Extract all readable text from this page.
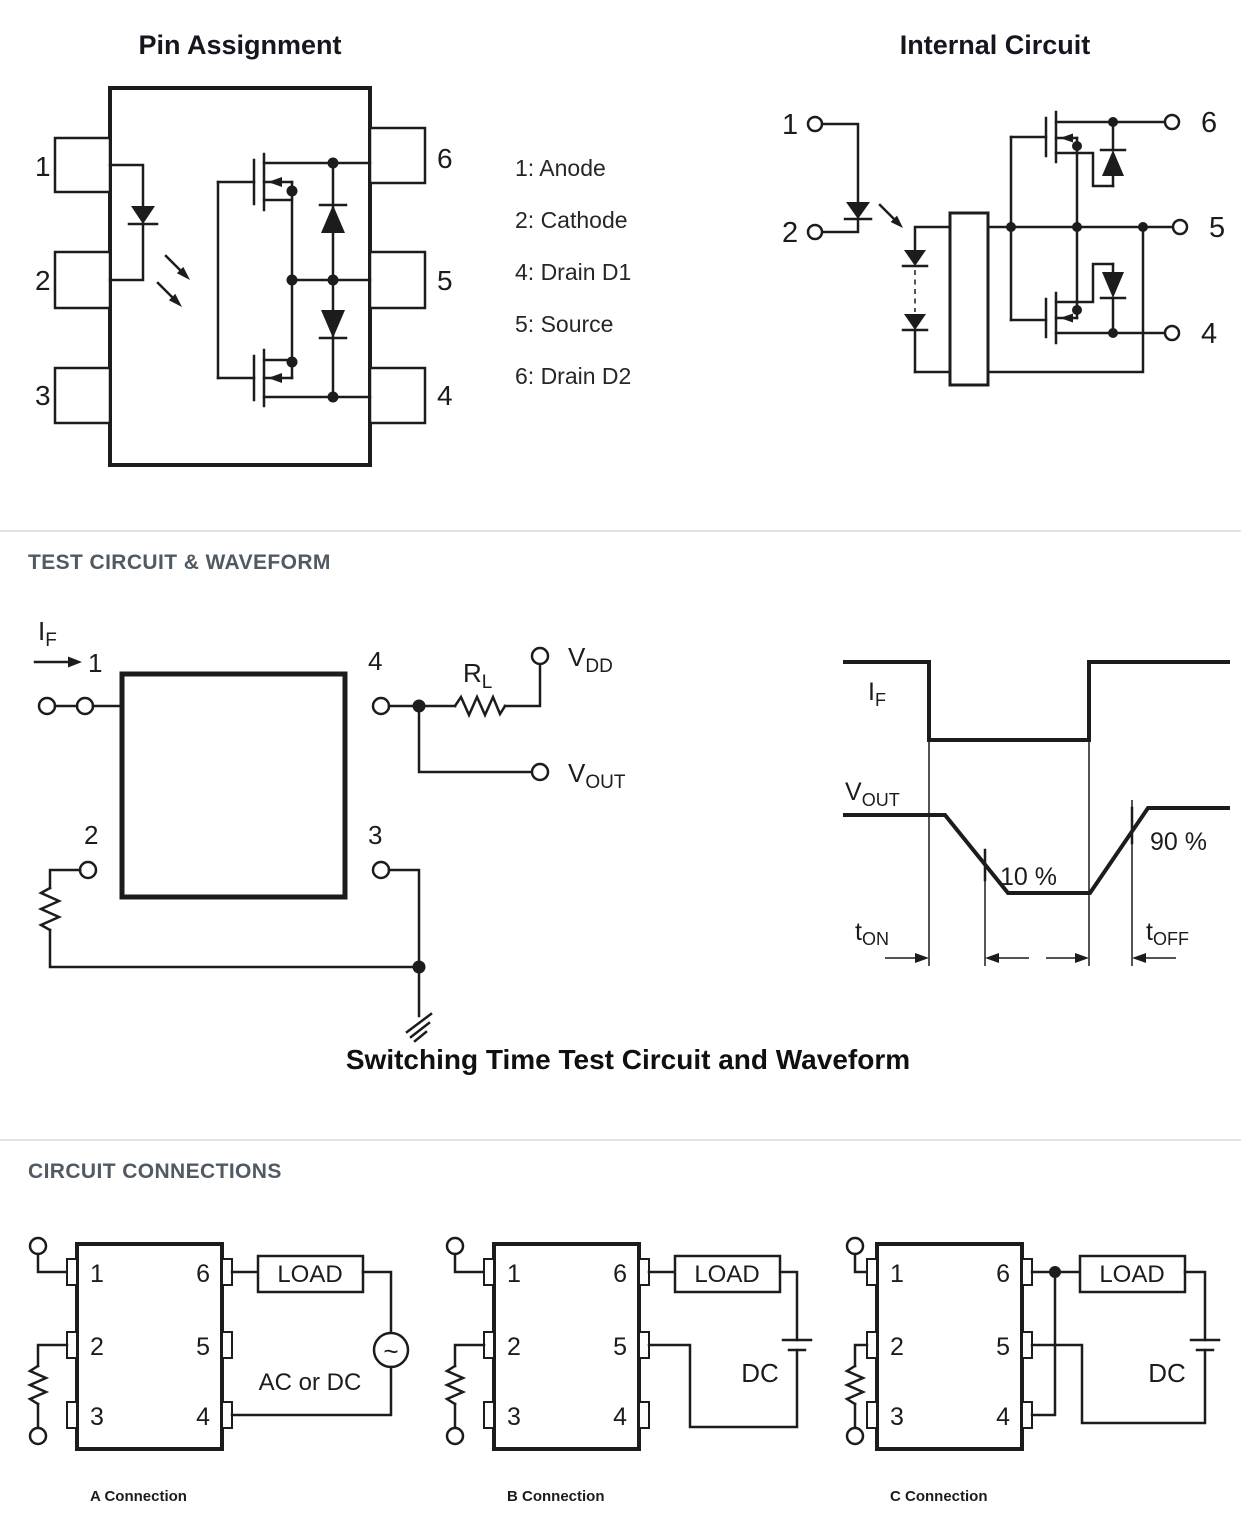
Pin Assignment	Internal Circuit
1
2
3
6
5
4
1: Anode
2: Cathode
4: Drain D1
5: Source
6: Drain D2
1
2
6
5
4
TEST CIRCUIT & WAVEFORM
IF
1	4
2	3
RL
VDD
VOUT
IF
VOUT
10 %
90 %
tON	tOFF
Switching Time Test Circuit and Waveform
CIRCUIT CONNECTIONS
LOAD
~
AC or DC
1
2
3
6
5
4
A Connection
LOAD
DC
1
2
3
6
5
4
B Connection
LOAD
DC
1
2
3
6
5
4
C Connection
